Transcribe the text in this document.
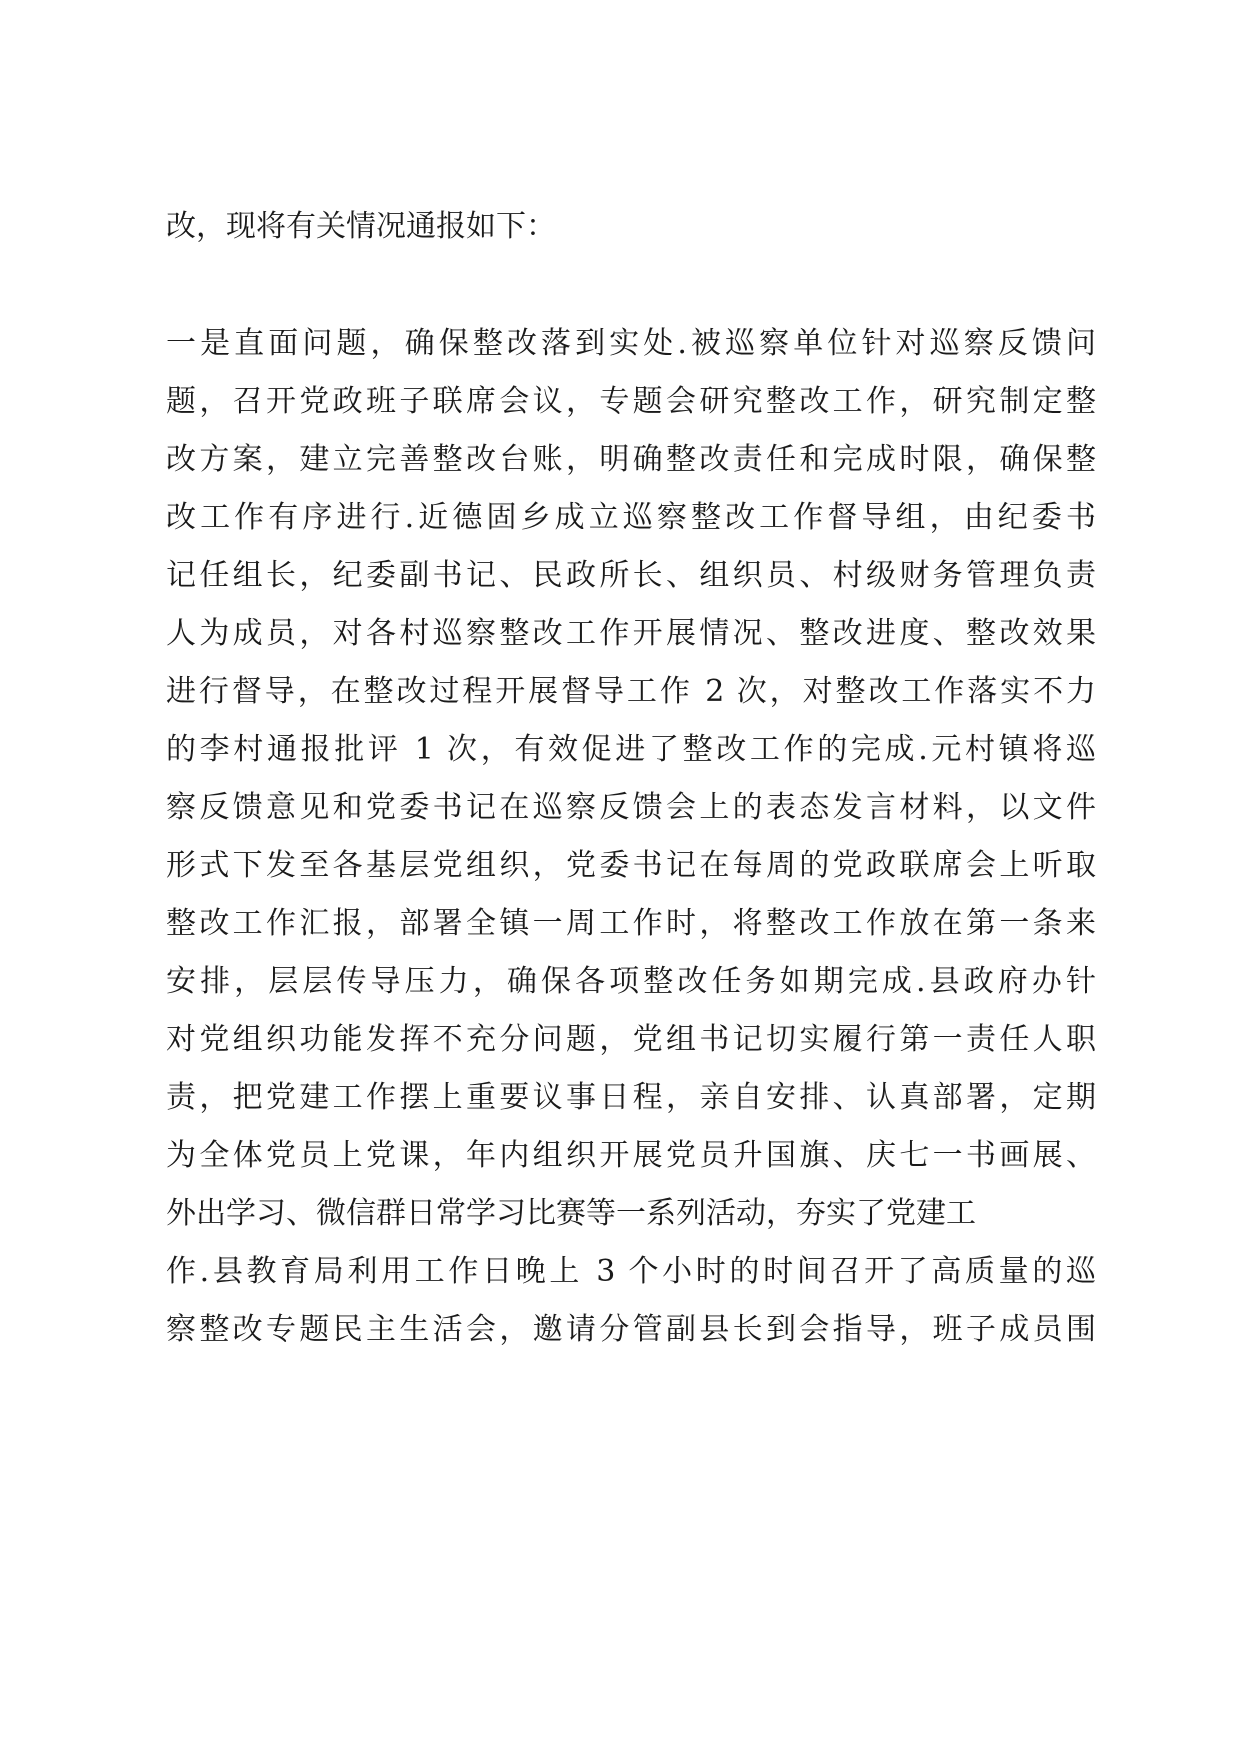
改，现将有关情况通报如下：
一是直面问题，确保整改落到实处.被巡察单位针对巡察反馈问
题，召开党政班子联席会议，专题会研究整改工作，研究制定整
改方案，建立完善整改台账，明确整改责任和完成时限，确保整
改工作有序进行.近德固乡成立巡察整改工作督导组，由纪委书
记任组长，纪委副书记、民政所长、组织员、村级财务管理负责
人为成员，对各村巡察整改工作开展情况、整改进度、整改效果
进行督导，在整改过程开展督导工作 2 次，对整改工作落实不力
的李村通报批评 1 次，有效促进了整改工作的完成.元村镇将巡
察反馈意见和党委书记在巡察反馈会上的表态发言材料，以文件
形式下发至各基层党组织，党委书记在每周的党政联席会上听取
整改工作汇报，部署全镇一周工作时，将整改工作放在第一条来
安排，层层传导压力，确保各项整改任务如期完成.县政府办针
对党组织功能发挥不充分问题，党组书记切实履行第一责任人职
责，把党建工作摆上重要议事日程，亲自安排、认真部署，定期
为全体党员上党课，年内组织开展党员升国旗、庆七一书画展、
外出学习、微信群日常学习比赛等一系列活动，夯实了党建工
作.县教育局利用工作日晚上 3 个小时的时间召开了高质量的巡
察整改专题民主生活会，邀请分管副县长到会指导，班子成员围
